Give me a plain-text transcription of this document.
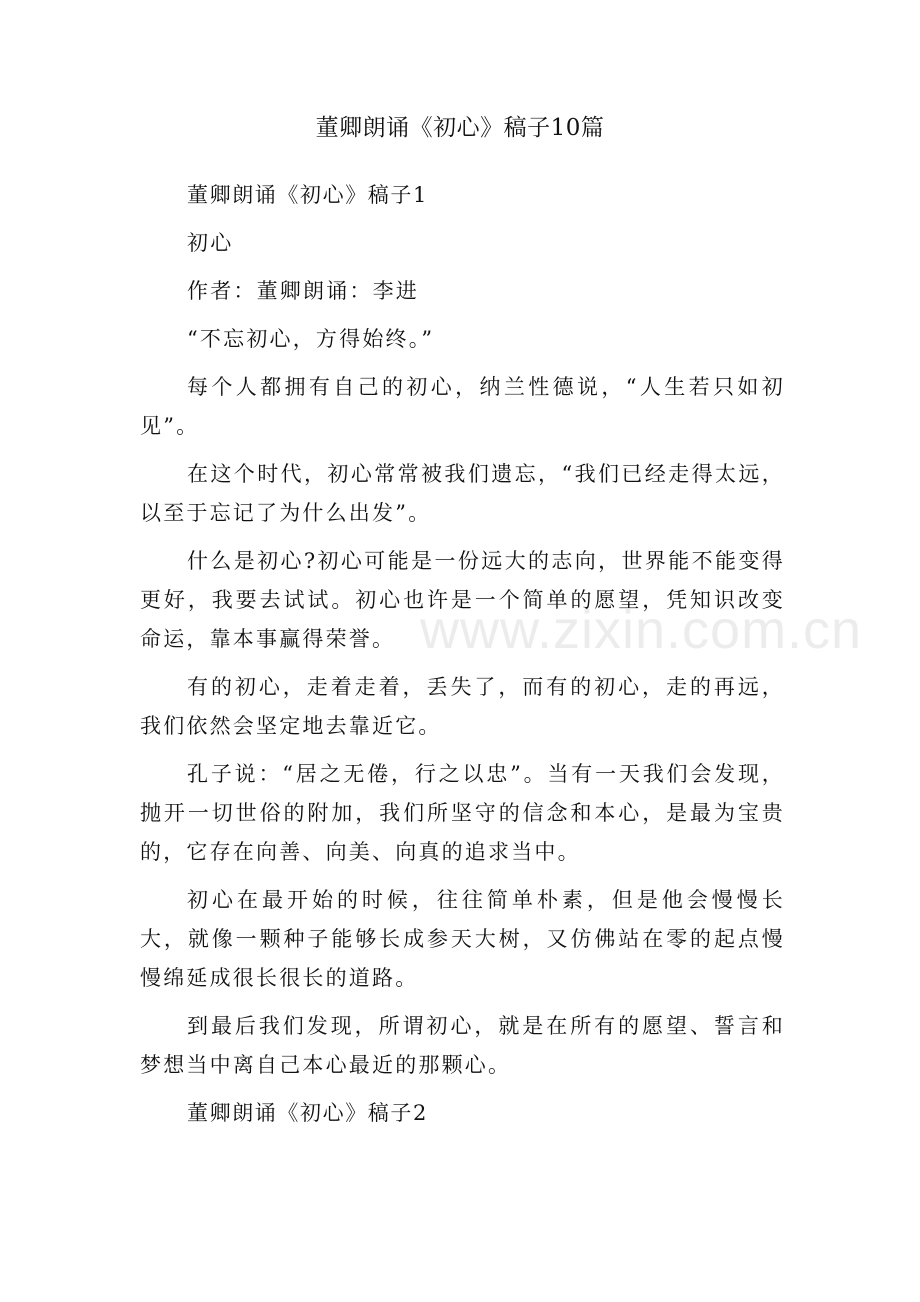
董卿朗诵《初心》稿子10篇

董卿朗诵《初心》稿子1

初心

作者：董卿朗诵：李进

“不忘初心，方得始终。”

每个人都拥有自己的初心，纳兰性德说，“人生若只如初见”。

在这个时代，初心常常被我们遗忘，“我们已经走得太远，以至于忘记了为什么出发”。

什么是初心?初心可能是一份远大的志向，世界能不能变得更好，我要去试试。初心也许是一个简单的愿望，凭知识改变命运，靠本事赢得荣誉。

有的初心，走着走着，丢失了，而有的初心，走的再远，我们依然会坚定地去靠近它。

孔子说：“居之无倦，行之以忠”。当有一天我们会发现，抛开一切世俗的附加，我们所坚守的信念和本心，是最为宝贵的，它存在向善、向美、向真的追求当中。

初心在最开始的时候，往往简单朴素，但是他会慢慢长大，就像一颗种子能够长成参天大树，又仿佛站在零的起点慢慢绵延成很长很长的道路。

到最后我们发现，所谓初心，就是在所有的愿望、誓言和梦想当中离自己本心最近的那颗心。

董卿朗诵《初心》稿子2

www.zixin.com.cn
